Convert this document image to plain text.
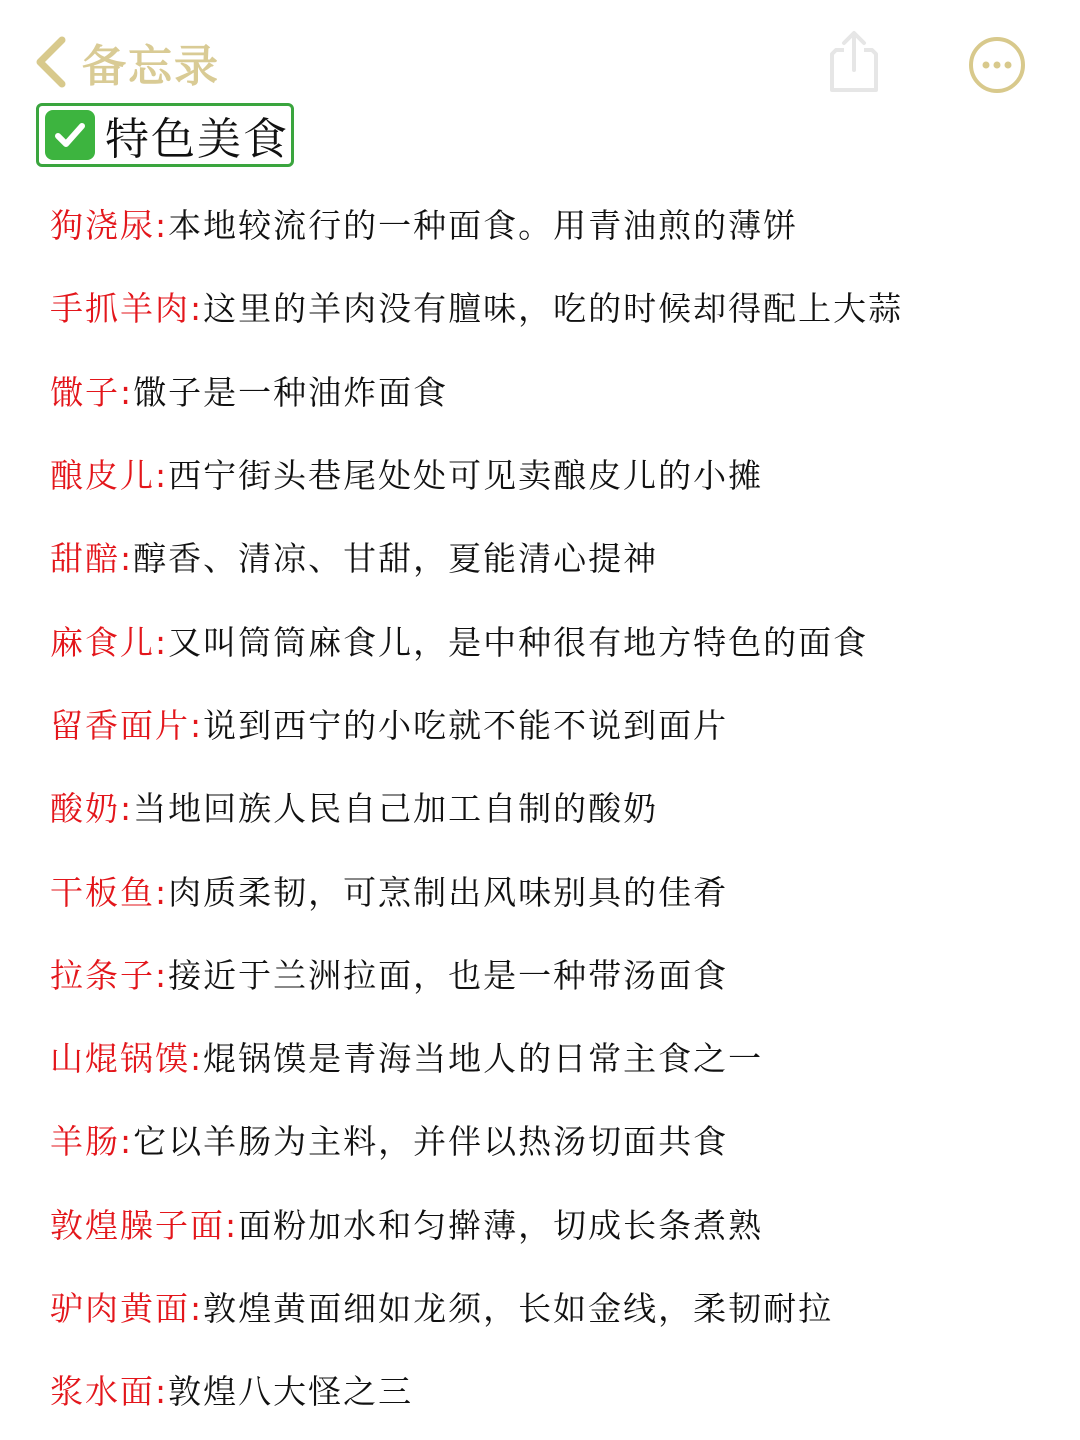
备忘录
特色美食
狗浇尿: 本地较流行的一种面食。用青油煎的薄饼
手抓羊肉: 这里的羊肉没有膻味，吃的时候却得配上大蒜
馓子: 馓子是一种油炸面食
酿皮儿: 西宁街头巷尾处处可见卖酿皮儿的小摊
甜醅: 醇香、清凉、甘甜，夏能清心提神
麻食儿: 又叫筒筒麻食儿，是中种很有地方特色的面食
留香面片: 说到西宁的小吃就不能不说到面片
酸奶: 当地回族人民自己加工自制的酸奶
干板鱼: 肉质柔韧，可烹制出风味别具的佳肴
拉条子: 接近于兰洲拉面，也是一种带汤面食
山焜锅馍: 焜锅馍是青海当地人的日常主食之一
羊肠: 它以羊肠为主料，并伴以热汤切面共食
敦煌臊子面: 面粉加水和匀擀薄，切成长条煮熟
驴肉黄面: 敦煌黄面细如龙须，长如金线，柔韧耐拉
浆水面: 敦煌八大怪之三
